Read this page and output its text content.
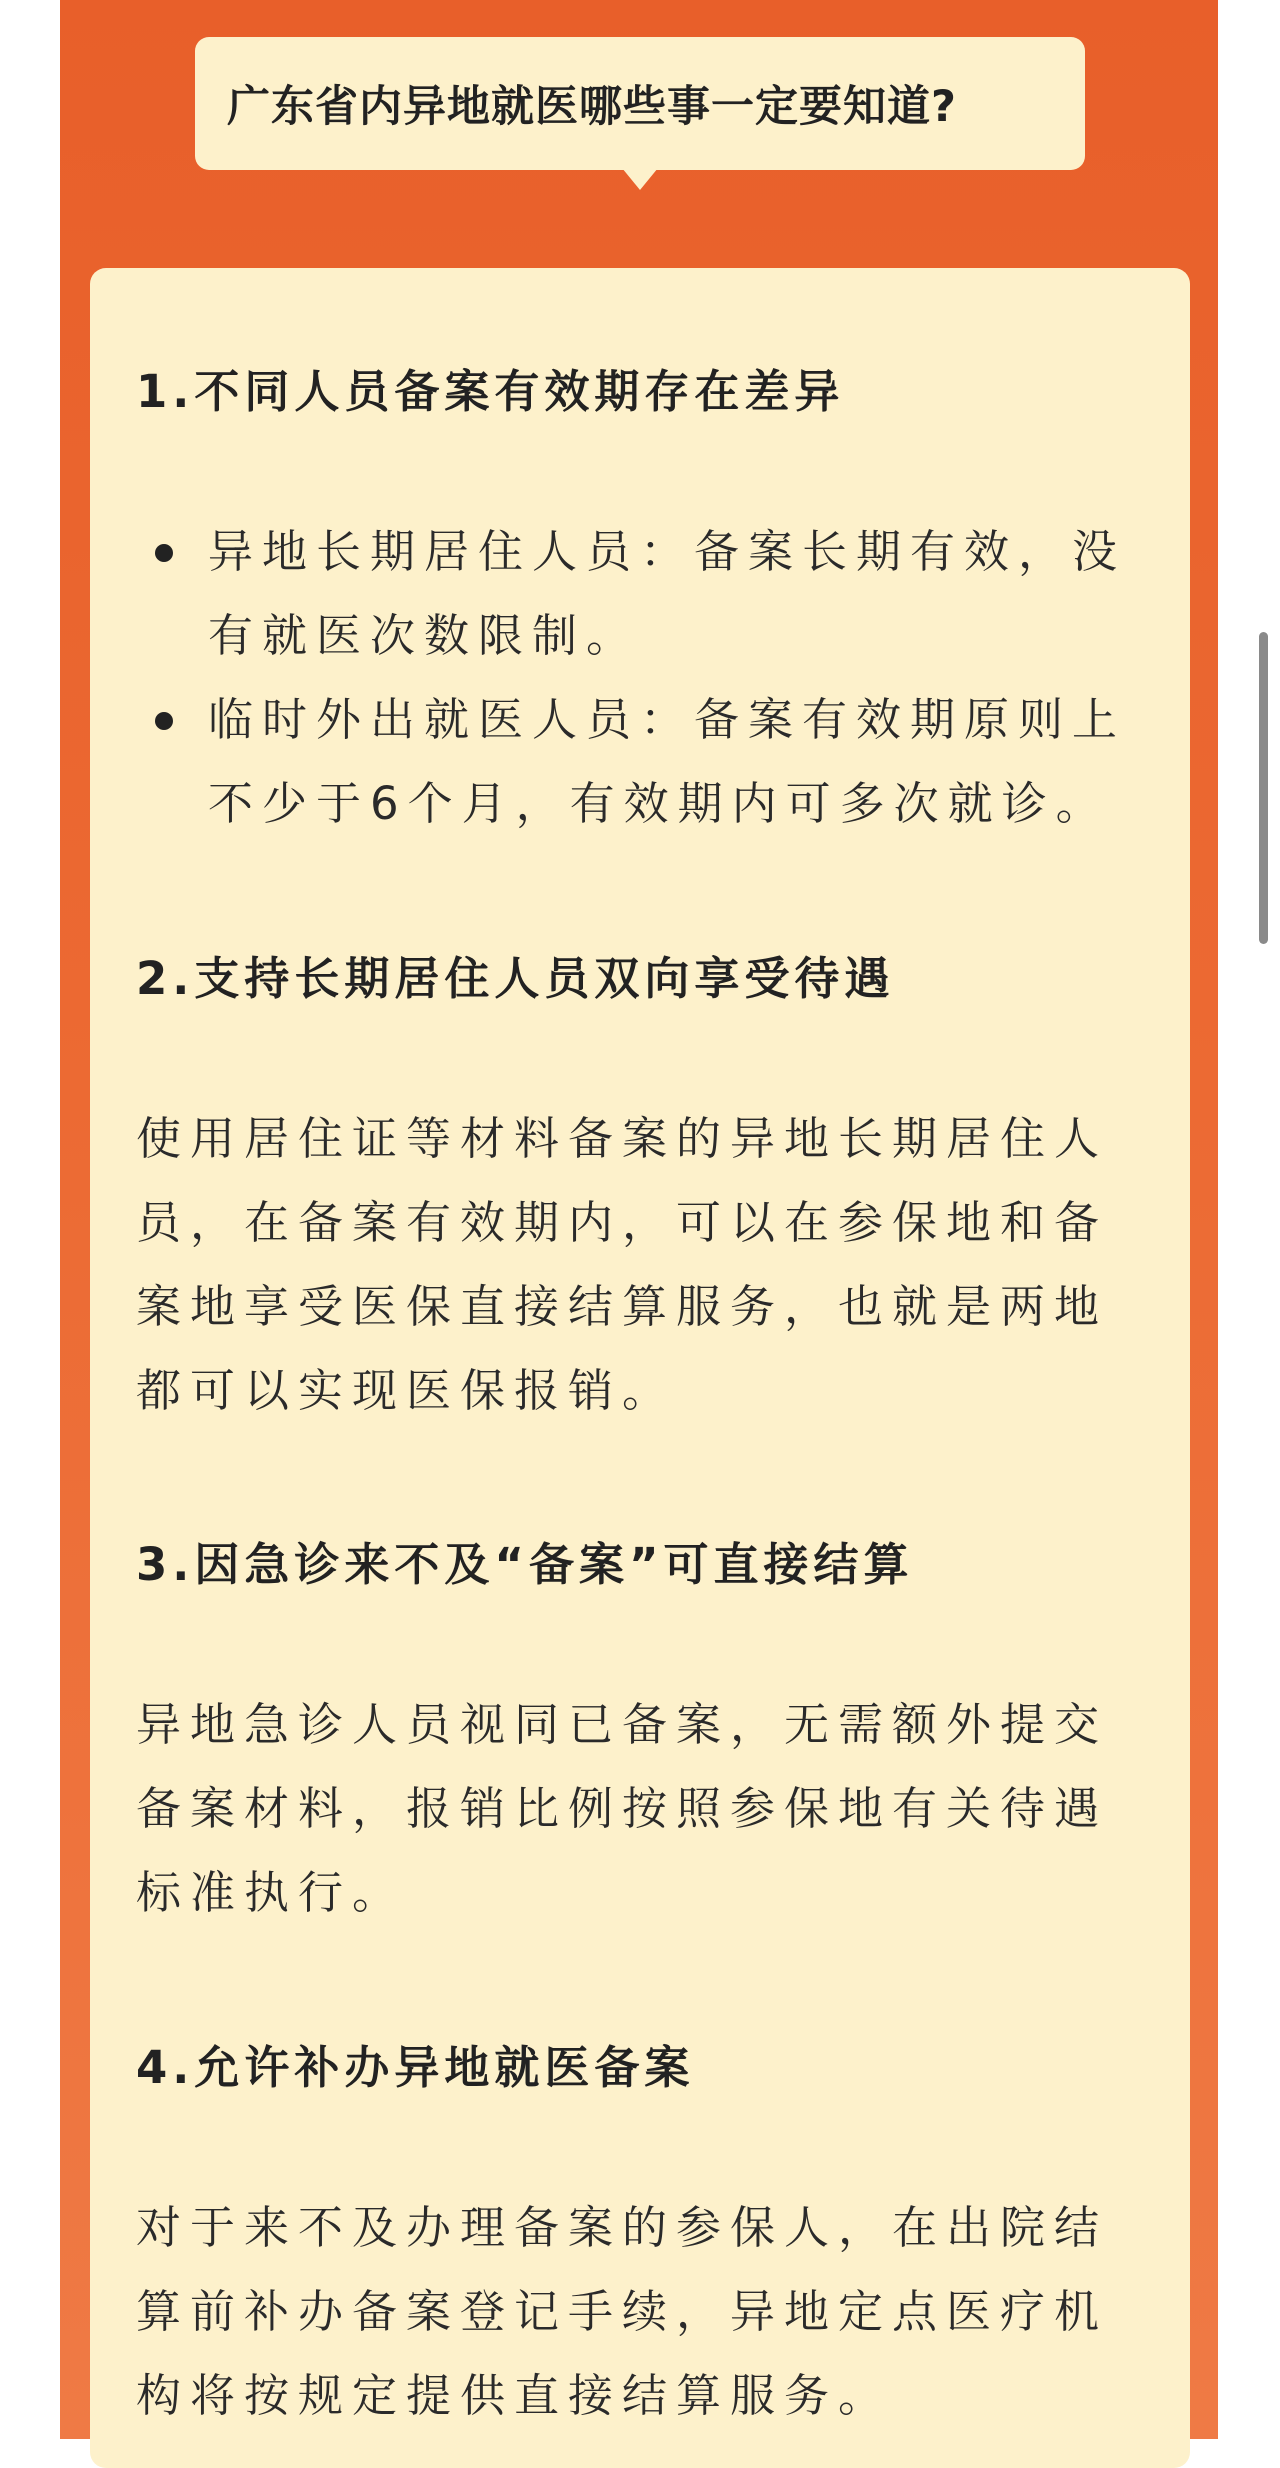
广东省内异地就医哪些事一定要知道?
1.不同人员备案有效期存在差异
异地长期居住人员：备案长期有效，没有就医次数限制。
临时外出就医人员：备案有效期原则上不少于6个月，有效期内可多次就诊。
2.支持长期居住人员双向享受待遇

使用居住证等材料备案的异地长期居住人员，在备案有效期内，可以在参保地和备案地享受医保直接结算服务，也就是两地都可以实现医保报销。

3.因急诊来不及“备案”可直接结算

异地急诊人员视同已备案，无需额外提交备案材料，报销比例按照参保地有关待遇标准执行。

4.允许补办异地就医备案

对于来不及办理备案的参保人，在出院结算前补办备案登记手续，异地定点医疗机构将按规定提供直接结算服务。
